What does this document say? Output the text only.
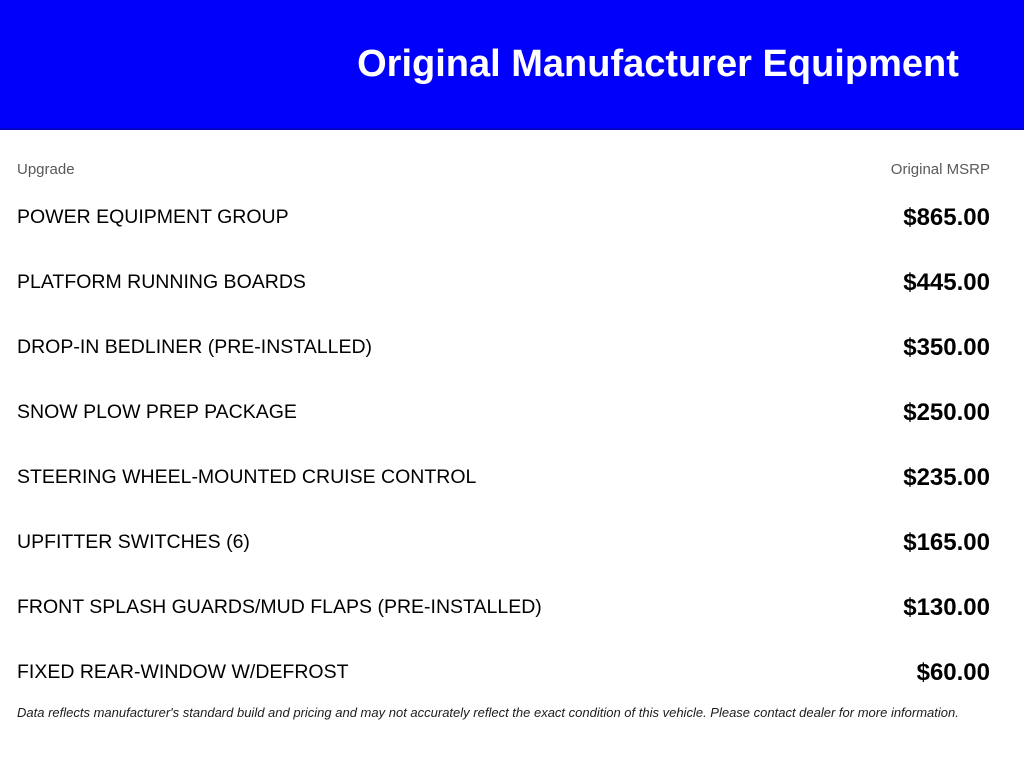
Original Manufacturer Equipment
Upgrade	Original MSRP
POWER EQUIPMENT GROUP	$865.00
PLATFORM RUNNING BOARDS	$445.00
DROP-IN BEDLINER (PRE-INSTALLED)	$350.00
SNOW PLOW PREP PACKAGE	$250.00
STEERING WHEEL-MOUNTED CRUISE CONTROL	$235.00
UPFITTER SWITCHES (6)	$165.00
FRONT SPLASH GUARDS/MUD FLAPS (PRE-INSTALLED)	$130.00
FIXED REAR-WINDOW W/DEFROST	$60.00

Data reflects manufacturer's standard build and pricing and may not accurately reflect the exact condition of this vehicle. Please contact dealer for more information.
